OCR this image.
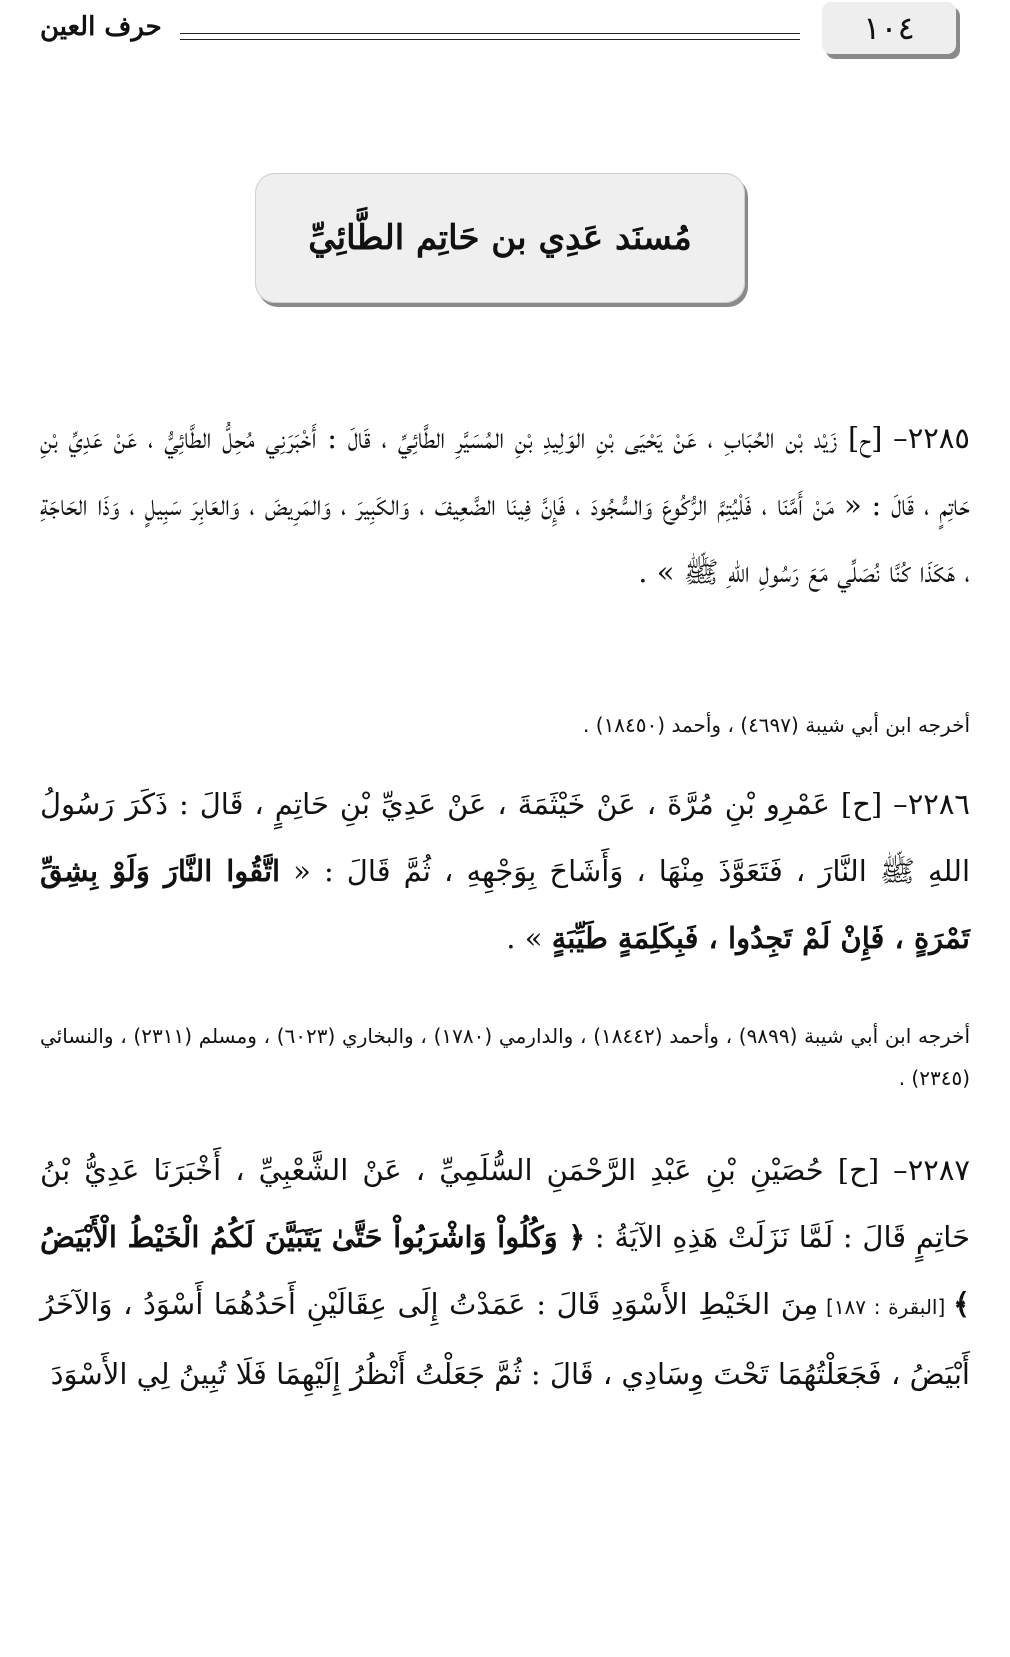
١٠٤
حرف العين
مُسنَد عَدِي بن حَاتِم الطَّائِيِّ

٢٢٨٥– [ح] زَيْد بْن الحُبَابِ ، عَنْ يَحْيَى بْنِ الوَلِيدِ بْنِ المُسَيَّرِ الطَّائِيِّ ، قَالَ : أَخْبَرَنِي مُحِلُّ الطَّائِيُّ ، عَنْ عَدِيِّ بْنِ حَاتِمٍ ، قَالَ : « مَنْ أَمَّنَا ، فَلْيُتِمَّ الرُّكُوعَ وَالسُّجُودَ ، فَإِنَّ فِينَا الضَّعِيفَ ، وَالكَبِيرَ ، وَالمَرِيضَ ، وَالعَابِرَ سَبِيلٍ ، وَذَا الحَاجَةِ ، هَكَذَا كُنَّا نُصَلِّي مَعَ رَسُولِ اللهِ ﷺ » .

أخرجه ابن أبي شيبة (٤٦٩٧) ، وأحمد (١٨٤٥٠) .

٢٢٨٦– [ح] عَمْرِو بْنِ مُرَّةَ ، عَنْ خَيْثَمَةَ ، عَنْ عَدِيِّ بْنِ حَاتِمٍ ، قَالَ : ذَكَرَ رَسُولُ اللهِ ﷺ النَّارَ ، فَتَعَوَّذَ مِنْهَا ، وَأَشَاحَ بِوَجْهِهِ ، ثُمَّ قَالَ : « اتَّقُوا النَّارَ وَلَوْ بِشِقِّ تَمْرَةٍ ، فَإِنْ لَمْ تَجِدُوا ، فَبِكَلِمَةٍ طَيِّبَةٍ » .

أخرجه ابن أبي شيبة (٩٨٩٩) ، وأحمد (١٨٤٤٢) ، والدارمي (١٧٨٠) ، والبخاري (٦٠٢٣) ، ومسلم (٢٣١١) ، والنسائي (٢٣٤٥) .

٢٢٨٧– [ح] حُصَيْنِ بْنِ عَبْدِ الرَّحْمَنِ السُّلَمِيِّ ، عَنْ الشَّعْبِيِّ ، أَخْبَرَنَا عَدِيُّ بْنُ حَاتِمٍ قَالَ : لَمَّا نَزَلَتْ هَذِهِ الآيَةُ : ﴿ وَكُلُواْ وَاشْرَبُواْ حَتَّىٰ يَتَبَيَّنَ لَكُمُ الْخَيْطُ الْأَبْيَضُ ﴾ [البقرة : ١٨٧] مِنَ الخَيْطِ الأَسْوَدِ قَالَ : عَمَدْتُ إِلَى عِقَالَيْنِ أَحَدُهُمَا أَسْوَدُ ، وَالآخَرُ أَبْيَضُ ، فَجَعَلْتُهُمَا تَحْتَ وِسَادِي ، قَالَ : ثُمَّ جَعَلْتُ أَنْظُرُ إِلَيْهِمَا فَلَا تُبِينُ لِي الأَسْوَدَ
